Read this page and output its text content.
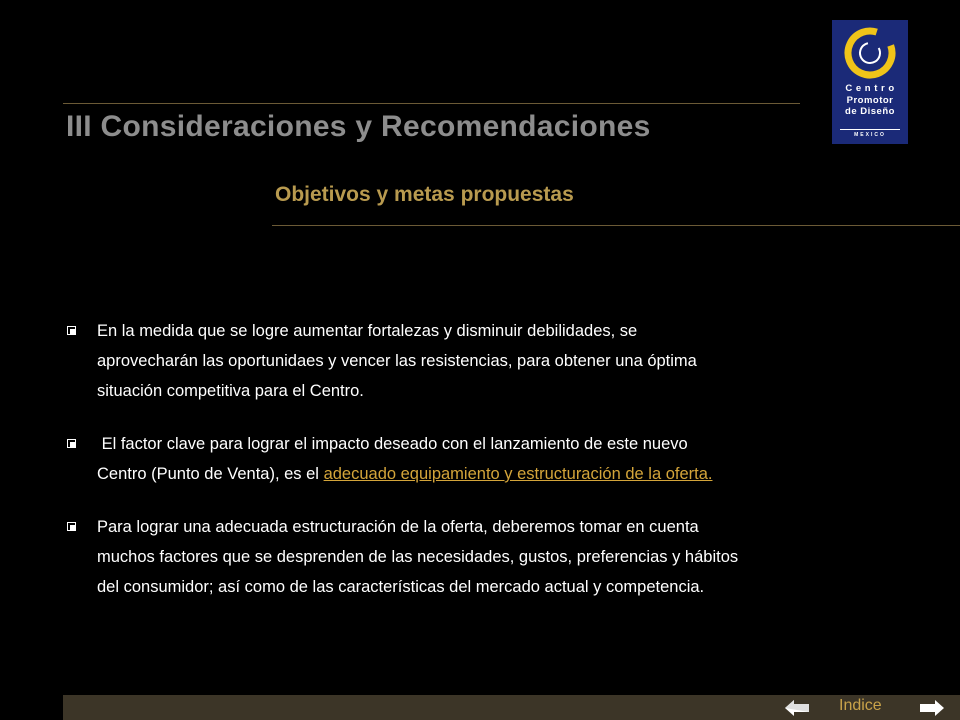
III Consideraciones y Recomendaciones
Objetivos y metas propuestas
C e n t r o
Promotor
de Diseño
MEXICO
En la medida que se logre aumentar fortalezas y disminuir debilidades, se
aprovecharán las oportunidaes y vencer las resistencias, para obtener una óptima
situación competitiva para el Centro.
El factor clave para lograr el impacto deseado con el lanzamiento de este nuevo
Centro (Punto de Venta), es el adecuado equipamiento y estructuración de la oferta.
Para lograr una adecuada estructuración de la oferta, deberemos tomar en cuenta
muchos factores que se desprenden de las necesidades, gustos, preferencias y hábitos
del consumidor; así como de las características del mercado actual y competencia.
Indice
